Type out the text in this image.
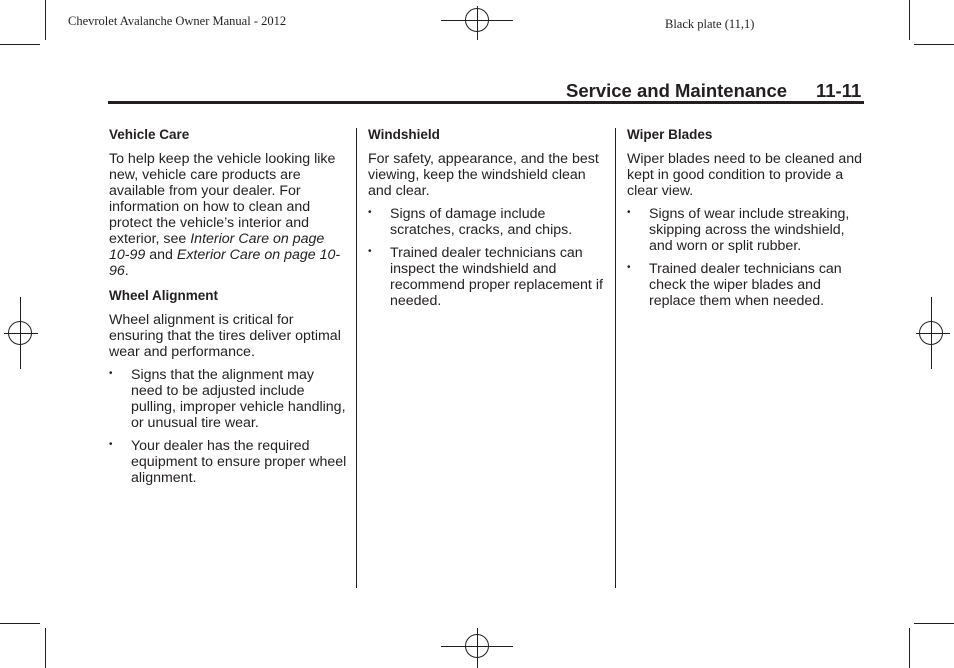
Chevrolet Avalanche Owner Manual - 2012	Black plate (11,1)
Service and Maintenance 11-11
Vehicle Care

To help keep the vehicle looking like new, vehicle care products are available from your dealer. For information on how to clean and protect the vehicle’s interior and exterior, see Interior Care on page 10-99 and Exterior Care on page 10-96.

Wheel Alignment

Wheel alignment is critical for ensuring that the tires deliver optimal wear and performance.

• Signs that the alignment may need to be adjusted include pulling, improper vehicle handling, or unusual tire wear.
• Your dealer has the required equipment to ensure proper wheel alignment.
Windshield

For safety, appearance, and the best viewing, keep the windshield clean and clear.

• Signs of damage include scratches, cracks, and chips.
• Trained dealer technicians can inspect the windshield and recommend proper replacement if needed.
Wiper Blades

Wiper blades need to be cleaned and kept in good condition to provide a clear view.

• Signs of wear include streaking, skipping across the windshield, and worn or split rubber.
• Trained dealer technicians can check the wiper blades and replace them when needed.
